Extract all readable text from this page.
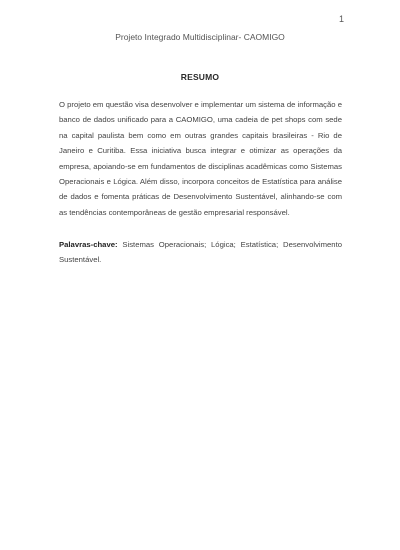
1
Projeto Integrado Multidisciplinar- CAOMIGO
RESUMO

O projeto em questão visa desenvolver e implementar um sistema de informação e banco de dados unificado para a CAOMIGO, uma cadeia de pet shops com sede na capital paulista bem como em outras grandes capitais brasileiras - Rio de Janeiro e Curitiba. Essa iniciativa busca integrar e otimizar as operações da empresa, apoiando-se em fundamentos de disciplinas acadêmicas como Sistemas Operacionais e Lógica. Além disso, incorpora conceitos de Estatística para análise de dados e fomenta práticas de Desenvolvimento Sustentável, alinhando-se com as tendências contemporâneas de gestão empresarial responsável.

Palavras-chave: Sistemas Operacionais; Lógica; Estatística; Desenvolvimento Sustentável.
